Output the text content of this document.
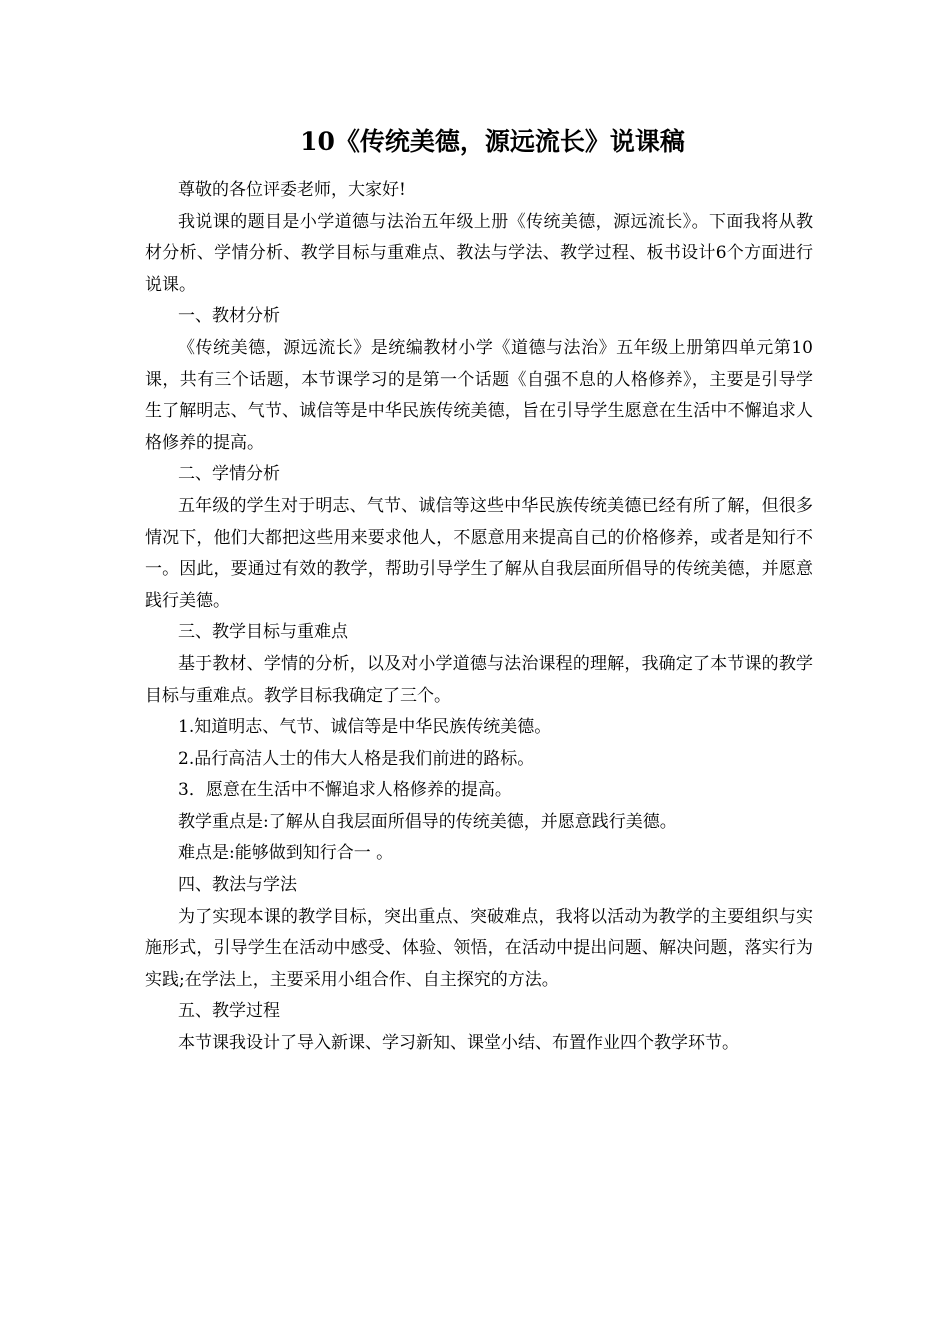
10《传统美德，源远流长》说课稿

尊敬的各位评委老师，大家好!

我说课的题目是小学道德与法治五年级上册《传统美德，源远流长》。下面我将从教材分析、学情分析、教学目标与重难点、教法与学法、教学过程、板书设计6个方面进行说课。

一、教材分析

《传统美德，源远流长》是统编教材小学《道德与法治》五年级上册第四单元第10课，共有三个话题，本节课学习的是第一个话题《自强不息的人格修养》，主要是引导学生了解明志、气节、诚信等是中华民族传统美德，旨在引导学生愿意在生活中不懈追求人格修养的提高。

二、学情分析

五年级的学生对于明志、气节、诚信等这些中华民族传统美德已经有所了解，但很多情况下，他们大都把这些用来要求他人，不愿意用来提高自己的价格修养，或者是知行不一。因此，要通过有效的教学，帮助引导学生了解从自我层面所倡导的传统美德，并愿意践行美德。

三、教学目标与重难点

基于教材、学情的分析，以及对小学道德与法治课程的理解，我确定了本节课的教学目标与重难点。教学目标我确定了三个。

1.知道明志、气节、诚信等是中华民族传统美德。

2.品行高洁人士的伟大人格是我们前进的路标。

3．愿意在生活中不懈追求人格修养的提高。

教学重点是:了解从自我层面所倡导的传统美德，并愿意践行美德。

难点是:能够做到知行合一 。

四、教法与学法

为了实现本课的教学目标，突出重点、突破难点，我将以活动为教学的主要组织与实施形式，引导学生在活动中感受、体验、领悟，在活动中提出问题、解决问题，落实行为实践;在学法上，主要采用小组合作、自主探究的方法。

五、教学过程

本节课我设计了导入新课、学习新知、课堂小结、布置作业四个教学环节。
